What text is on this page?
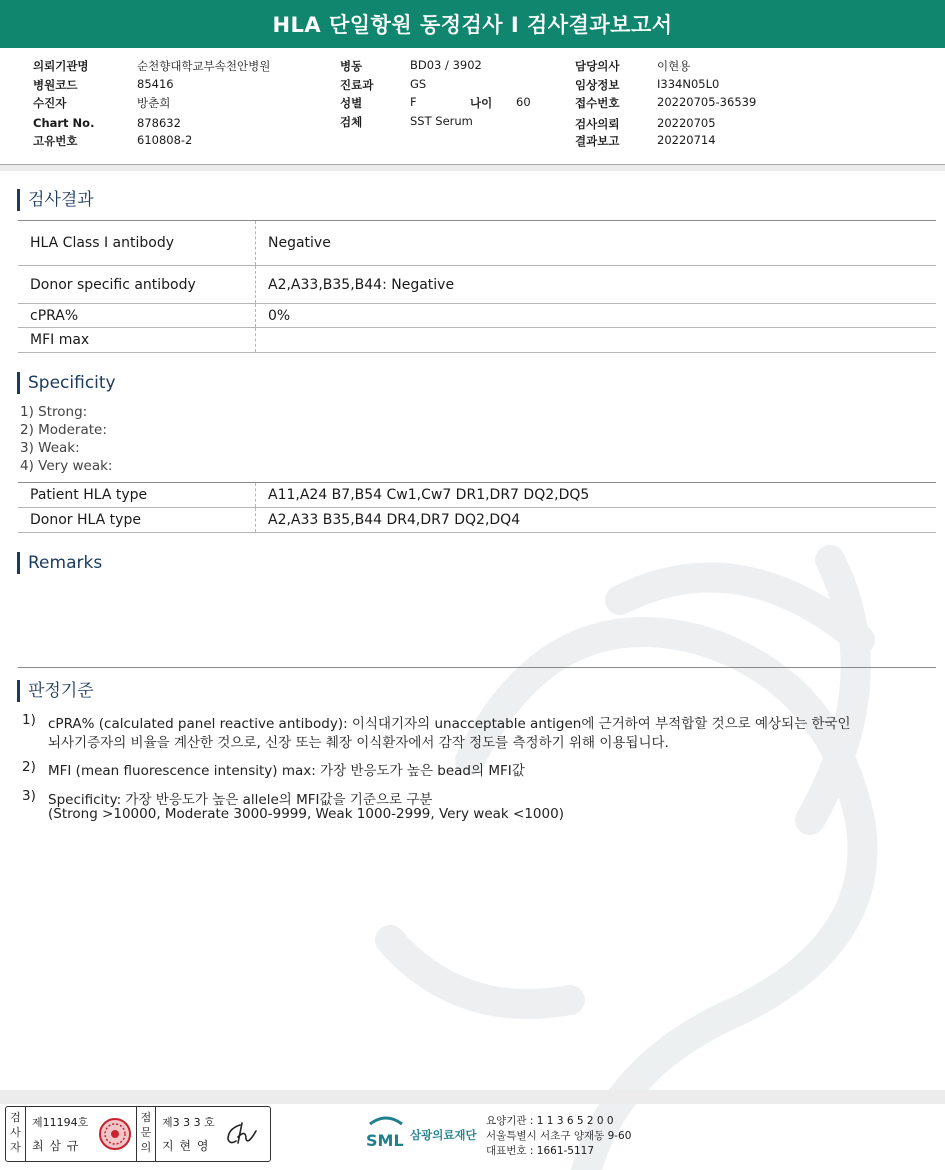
HLA 단일항원 동정검사 I 검사결과보고서
의뢰기관명	순천향대학교부속천안병원
병원코드	85416
수진자	방춘희
Chart No.	878632
고유번호	610808-2
병동	BD03 / 3902
진료과	GS
성별	F	나이 60
검체	SST Serum
담당의사	이현용
임상정보	I334N05L0
접수번호	20220705-36539
검사의뢰	20220705
결과보고	20220714
검사결과
HLA Class I antibody	Negative
Donor specific antibody	A2,A33,B35,B44: Negative
cPRA%	0%
MFI max
Specificity
1) Strong:
2) Moderate:
3) Weak:
4) Very weak:
Patient HLA type	A11,A24 B7,B54 Cw1,Cw7 DR1,DR7 DQ2,DQ5
Donor HLA type	A2,A33 B35,B44 DR4,DR7 DQ2,DQ4
Remarks
판정기준
1) cPRA% (calculated panel reactive antibody): 이식대기자의 unacceptable antigen에 근거하여 부적합할 것으로 예상되는 한국인
뇌사기증자의 비율을 계산한 것으로, 신장 또는 췌장 이식환자에서 감작 정도를 측정하기 위해 이용됩니다.
2) MFI (mean fluorescence intensity) max: 가장 반응도가 높은 bead의 MFI값
3) Specificity: 가장 반응도가 높은 allele의 MFI값을 기준으로 구분
(Strong >10000, Moderate 3000-9999, Weak 1000-2999, Very weak <1000)
검사자
제11194호
최 삼 규
점문의
제3 3 3 호
지 현 영	SML 삼광의료재단
요양기관 : 1 1 3 6 5 2 0 0
서울특별시 서초구 양재동 9-60
대표번호 : 1661-5117
